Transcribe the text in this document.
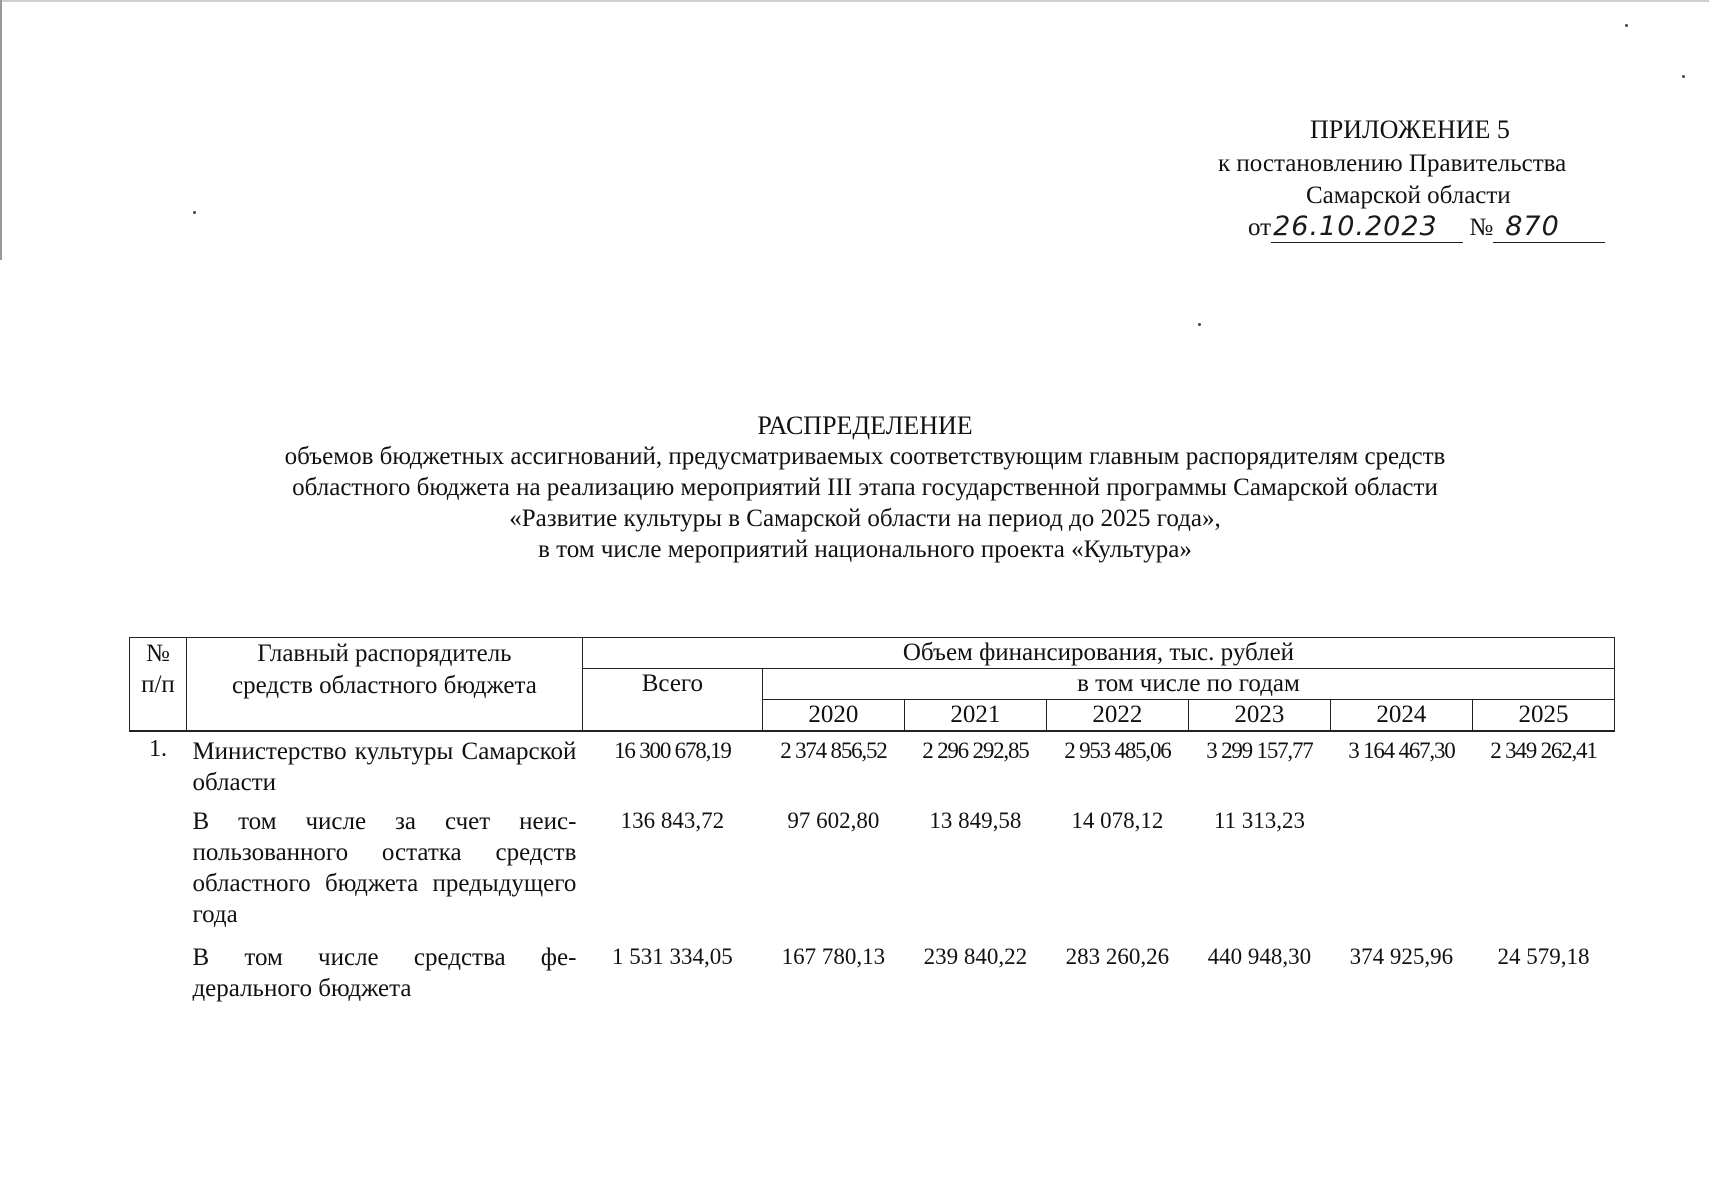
ПРИЛОЖЕНИЕ 5
к постановлению Правительства
Самарской области
от26.10.2023 № 870
РАСПРЕДЕЛЕНИЕ
объемов бюджетных ассигнований, предусматриваемых соответствующим главным распорядителям средств
областного бюджета на реализацию мероприятий III этапа государственной программы Самарской области
«Развитие культуры в Самарской области на период до 2025 года»,
в том числе мероприятий национального проекта «Культура»
№ п/п	Главный распорядитель средств областного бюджета	Объем финансирования, тыс. рублей						
		Всего	в том числе по годам					
			2020	2021	2022	2023	2024	2025
1.	Министерство культуры Самарской области	16 300 678,19	2 374 856,52	2 296 292,85	2 953 485,06	3 299 157,77	3 164 467,30	2 349 262,41
	В том числе за счет неис-пользованного остатка средств областного бюджета предыдущего года	136 843,72	97 602,80	13 849,58	14 078,12	11 313,23		
	В том числе средства фе-дерального бюджета	1 531 334,05	167 780,13	239 840,22	283 260,26	440 948,30	374 925,96	24 579,18
